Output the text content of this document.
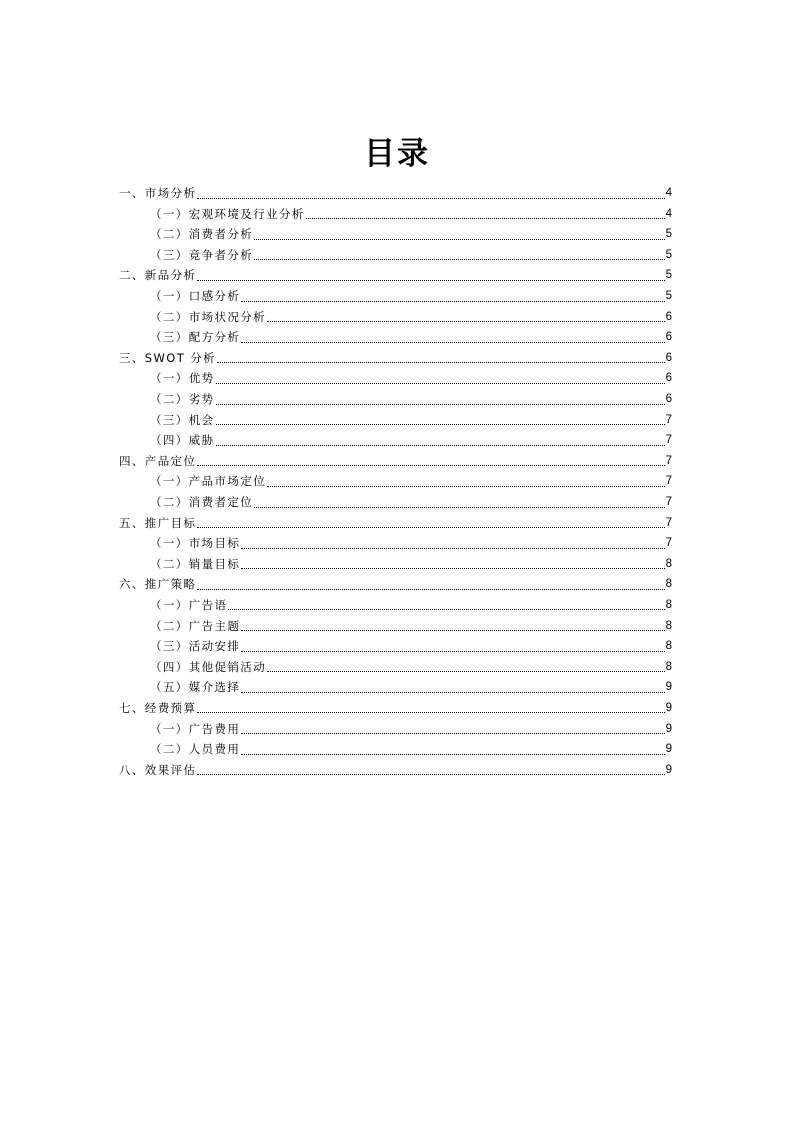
目录
一、市场分析	4
（一）宏观环境及行业分析	4
（二）消费者分析	5
（三）竞争者分析	5
二、新品分析	5
（一）口感分析	5
（二）市场状况分析	6
（三）配方分析	6
三、SWOT 分析	6
（一）优势	6
（二）劣势	6
（三）机会	7
（四）威胁	7
四、产品定位	7
（一）产品市场定位	7
（二）消费者定位	7
五、推广目标	7
（一）市场目标	7
（二）销量目标	8
六、推广策略	8
（一）广告语	8
（二）广告主题	8
（三）活动安排	8
（四）其他促销活动	8
（五）媒介选择	9
七、经费预算	9
（一）广告费用	9
（二）人员费用	9
八、效果评估	9
